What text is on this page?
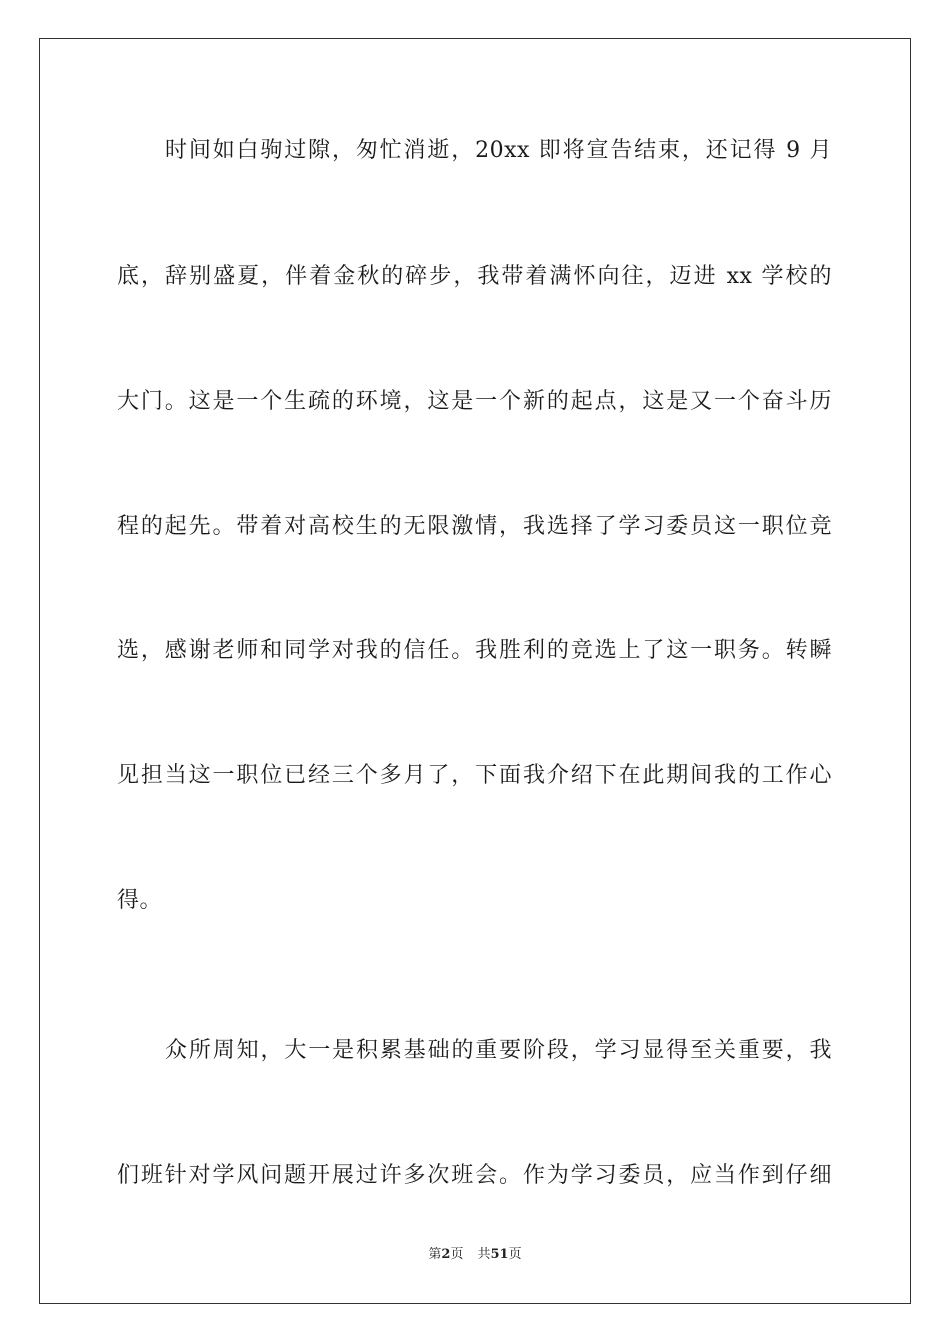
时间如白驹过隙，匆忙消逝，20xx 即将宣告结束，还记得 9 月
底，辞别盛夏，伴着金秋的碎步，我带着满怀向往，迈进 xx 学校的
大门。这是一个生疏的环境，这是一个新的起点，这是又一个奋斗历
程的起先。带着对高校生的无限激情，我选择了学习委员这一职位竞
选，感谢老师和同学对我的信任。我胜利的竞选上了这一职务。转瞬
见担当这一职位已经三个多月了，下面我介绍下在此期间我的工作心
得。
众所周知，大一是积累基础的重要阶段，学习显得至关重要，我
们班针对学风问题开展过许多次班会。作为学习委员，应当作到仔细
第2页 共51页
